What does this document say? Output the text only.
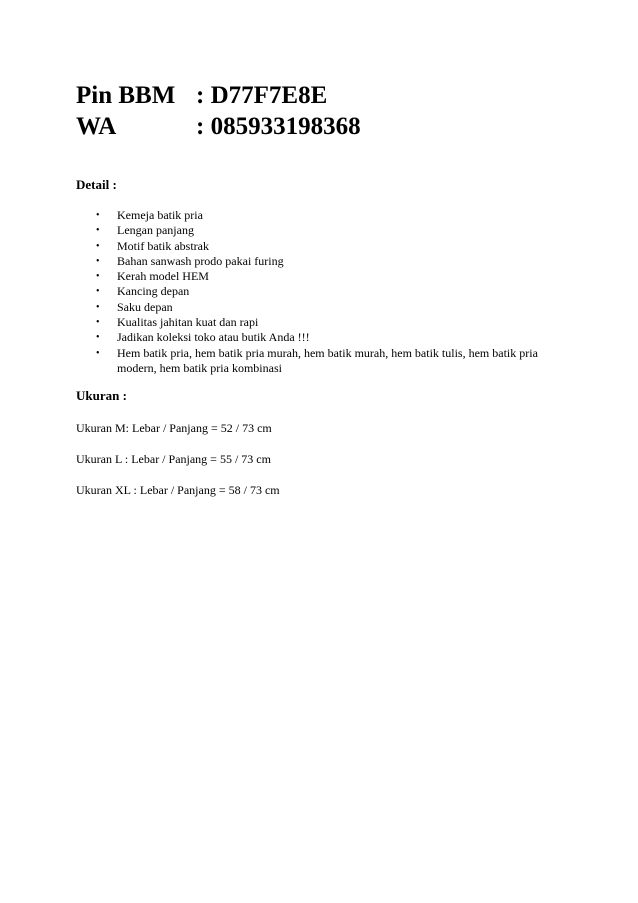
Pin BBM : D77F7E8E
WA	: 085933198368
Detail :
• Kemeja batik pria
• Lengan panjang
• Motif batik abstrak
• Bahan sanwash prodo pakai furing
• Kerah model HEM
• Kancing depan
• Saku depan
• Kualitas jahitan kuat dan rapi
• Jadikan koleksi toko atau butik Anda !!!
• Hem batik pria, hem batik pria murah, hem batik murah, hem batik tulis, hem batik pria modern, hem batik pria kombinasi
Ukuran :
Ukuran M: Lebar / Panjang = 52 / 73 cm
Ukuran L : Lebar / Panjang = 55 / 73 cm
Ukuran XL : Lebar / Panjang = 58 / 73 cm
